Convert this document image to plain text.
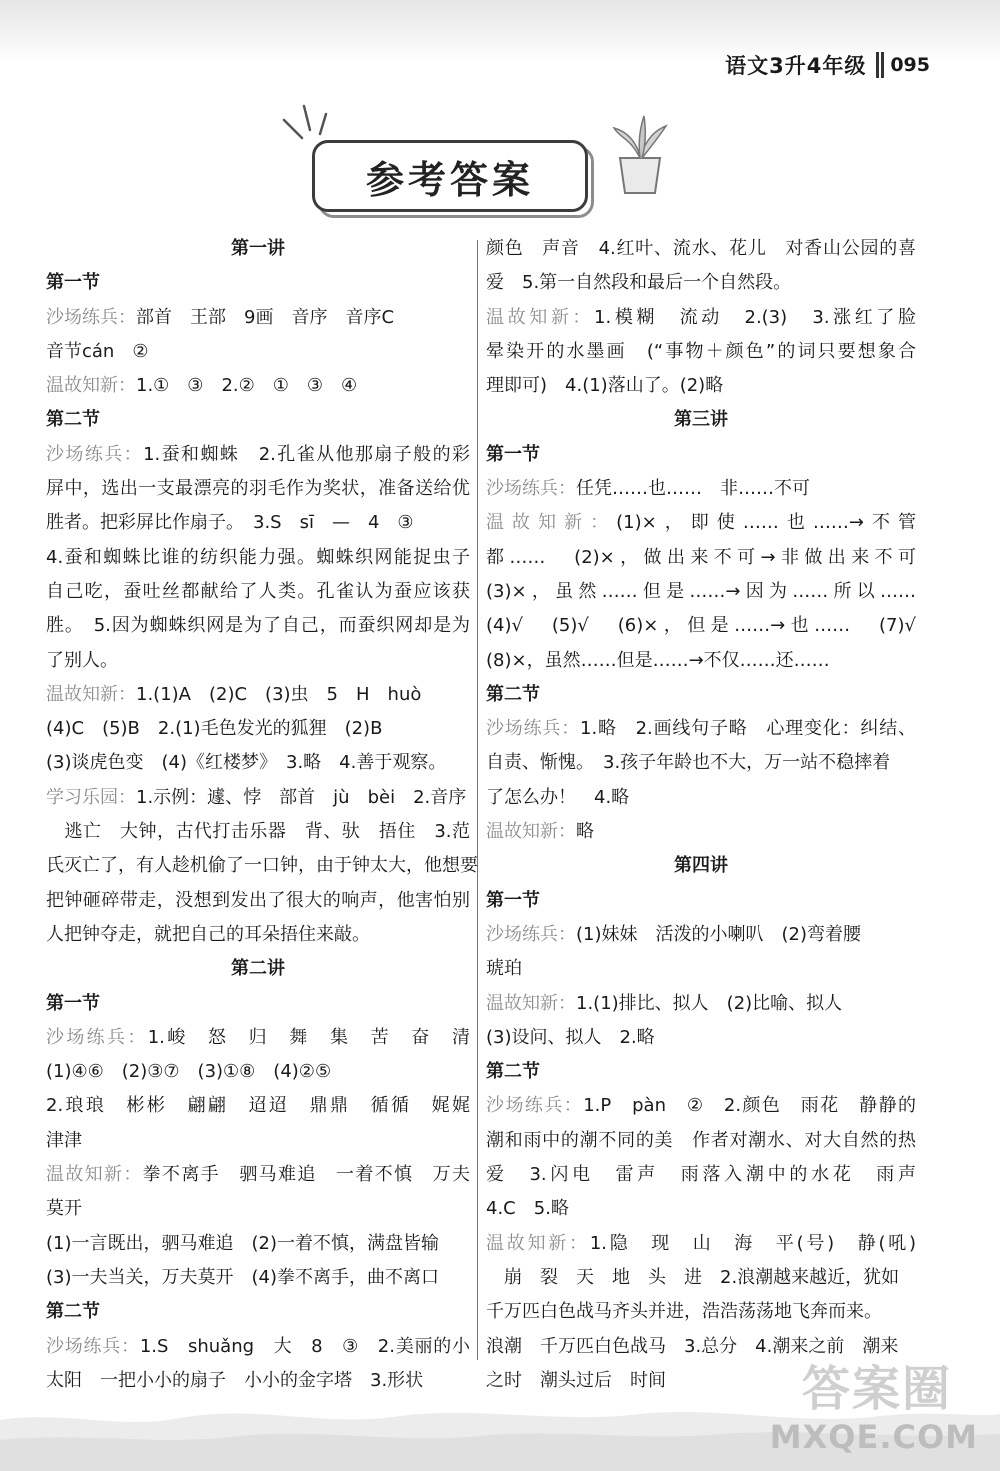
语文3升4年级 095
参考答案
第一讲
第一节
沙场练兵：部首　王部　9画　音序　音序C
音节cán　②
温故知新：1.①　③　2.②　①　③　④
第二节
沙场练兵：1.蚕和蜘蛛　2.孔雀从他那扇子般的彩
屏中，选出一支最漂亮的羽毛作为奖状，准备送给优
胜者。把彩屏比作扇子。　3.S　sī　—　4　③
4.蚕和蜘蛛比谁的纺织能力强。蜘蛛织网能捉虫子
自己吃，蚕吐丝都献给了人类。孔雀认为蚕应该获
胜。　5.因为蜘蛛织网是为了自己，而蚕织网却是为
了别人。
温故知新：1.(1)A　(2)C　(3)虫　5　H　huò
(4)C　(5)B　2.(1)毛色发光的狐狸　(2)B
(3)谈虎色变　(4)《红楼梦》　3.略　4.善于观察。
学习乐园：1.示例：遽、悖　部首　jù　bèi　2.音序
　逃亡　大钟，古代打击乐器　背、驮　捂住　3.范
氏灭亡了，有人趁机偷了一口钟，由于钟太大，他想要
把钟砸碎带走，没想到发出了很大的响声，他害怕别
人把钟夺走，就把自己的耳朵捂住来敲。
第二讲
第一节
沙场练兵：1.峻　怒　归　舞　集　苦　奋　清
(1)④⑥　(2)③⑦　(3)①⑧　(4)②⑤
2.琅琅　彬彬　翩翩　迢迢　鼎鼎　循循　娓娓
津津
温故知新：拳不离手　驷马难追　一着不慎　万夫
莫开
(1)一言既出，驷马难追　(2)一着不慎，满盘皆输
(3)一夫当关，万夫莫开　(4)拳不离手，曲不离口
第二节
沙场练兵：1.S　shuǎng　大　8　③　2.美丽的小
太阳　一把小小的扇子　小小的金字塔　3.形状
颜色　声音　4.红叶、流水、花儿　对香山公园的喜
爱　5.第一自然段和最后一个自然段。
温故知新：1.模糊　流动　2.(3)　3.涨红了脸
晕染开的水墨画　(“事物＋颜色”的词只要想象合
理即可)　4.(1)落山了。(2)略
第三讲
第一节
沙场练兵：任凭……也……　非……不可
温故知新：(1)×，即使……也……→不管
都……　(2)×，做出来不可→非做出来不可
(3)×，虽然……但是……→因为……所以……
(4)√　(5)√　(6)×，但是……→也……　(7)√
(8)×，虽然……但是……→不仅……还……
第二节
沙场练兵：1.略　2.画线句子略　心理变化：纠结、
自责、惭愧。　3.孩子年龄也不大，万一站不稳摔着
了怎么办！　4.略
温故知新：略
第四讲
第一节
沙场练兵：(1)妹妹　活泼的小喇叭　(2)弯着腰
琥珀
温故知新：1.(1)排比、拟人　(2)比喻、拟人
(3)设问、拟人　2.略
第二节
沙场练兵：1.P　pàn　②　2.颜色　雨花　静静的
潮和雨中的潮不同的美　作者对潮水、对大自然的热
爱　3.闪电　雷声　雨落入潮中的水花　雨声
4.C　5.略
温故知新：1.隐　现　山　海　平(号)　静(吼)
　崩　裂　天　地　头　进　2.浪潮越来越近，犹如
千万匹白色战马齐头并进，浩浩荡荡地飞奔而来。
浪潮　千万匹白色战马　3.总分　4.潮来之前　潮来
之时　潮头过后　时间	答案圈
MXQE.COM
